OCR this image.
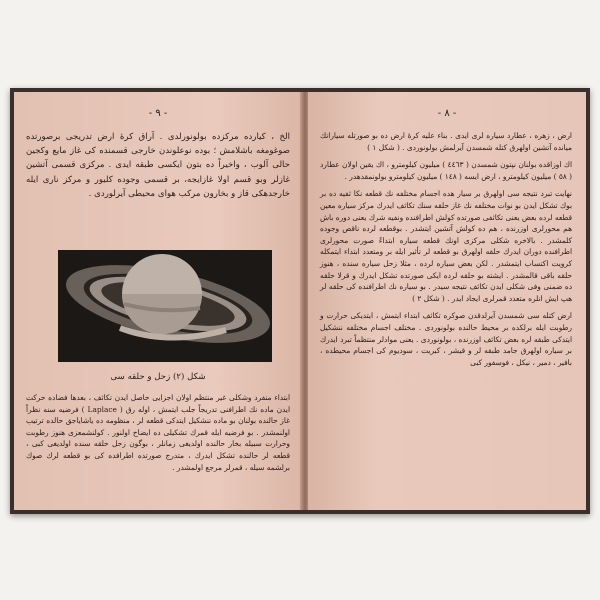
- ٩ -

الخ ، كيارده مركزده بولونورلدى . آراق كرهٔ ارض تدريجى برصورتده صوغومغه باشلامش ؛ بوده نوعلوندن خارجى قسمنده كى غاز مايع وكجين حالى آلوب ، واخيراً ده بتون ايكسى طبقه ايدى . مركزى قسمى آتشين غازلر وبو قسم اولا غازايجه، بر قسمى وجوده كليور و مركز نارى ايله خارجدهكى قاز و بخارون مركب هواى محيطى آيرلوردى .

شكل (٢) زحل و حلقه سى

ابتداء منفرد وشكلى غير منتظم اولان اجزايى حاصل ايدن تكاثف ، بعدها فضاده حركت ايدن ماده نك اطرافنى تدريجاً جلب ايتمش ، اوله رق ( Laplace ) فرضيه سنه نظراً غاز حالنده بولنان بو ماده ننشكيل ايتدكى قطعه لر ، منظومه ده ياشاياجق حالده ترتيب اولنمشدر . بو فرضيه ايله قمرك تشكيلى ده ايضاح اولنور . كولنشمعزى هنوز رطوبت وحرارت سبيله بخار حالنده اولديغى زمانلر ، بوگون زحل حلقه سنده اولديغى كبى ، قطعه لر حالنده تشكل ايدرك ، متدرج صورتده اطرافده كى بو قطعه لرك صوك برلشمه سيله ، قمرلر مرجع اولمشدر .

- ٨ -

ارض ، زهره ، عطارد سياره لرى ايدى . بناء عليه كرهٔ ارض ده بو صورتله سياراتك ميانده آتشين اولهرق كتله شمسدن آيرلمش بولونوردى . ( شكل ١ )

اك اوزاقده بولنان نپتون شمسدن ( ٤٤٦٣ ) ميليون كيلومترو ، اك يقين اولان عطارد ( ٥٨ ) ميليون كيلومترو ، ارض ايسه ( ١٤٨ ) ميليون كيلومترو بولونمقدهدر .

نهايت تبرد نتيجه سى اولهرق بر سيار هده اجسام مختلفه نك قطعه نكا ثفيه ده بر بوك تشكل ايدن بو نوات مختلفه نك غاز حلقه سنك تكاثف ايدرك مركز سياره معين قطعه لرده بعض يعنى تكاثفى صورتده كولش اطرافنده ونفيه شرك يعنى دوره باش هم محورلرى اوزرنده ، هم ده كولش آتشين ايتشدر . بوقطعه لرده ناقص وجوده كلمشدر . بالاخره شكلى مركزى اونك قطعه سياره ابتداءً صورت محورلرى اطرافنده دوران ايدرك حلقه اولهرق بو قطعه لر تأثير ايله بر ومتعدد ابتداء ايتمكله كرويت اكتساب ايتمشدر . لكن بعض سياره لرده ، مثلا زحل سياره سنده ، هنوز حلقه باقى قالمشدر . ايشته بو حلقه لرده ايكى صورتده تشكل ايدرك و قرلا حلقه ده ضمنى وفى شكلى ايدن تكاثف نتيجه سيدر . بو سياره نك اطرافنده كى حلقه لر هپ ايش انلره متعدد قمرلرى ايجاد ايدر . ( شكل ٢ )

ارض كتله سى شمسدن آيرلدقدن صوكره تكاثف ابتداء ايتمش ، ايتديكى حرارت و رطوبت ايله برلكده بر محيط حالنده بولونوردى . مختلف اجسام مختلفه ننشكيل ايتدكى طبقه لره بعض تكاثف اوزرنده ، بولونوردى . يعنى موادلر منتظماً تبرد ايدرك بر سياره اولهرق جامد طبقه لر و قيشر ، كبريت ، سوديوم كى اجسام محيطده ، بافير ، دمير ، نيكل ، فوسفور كبى
